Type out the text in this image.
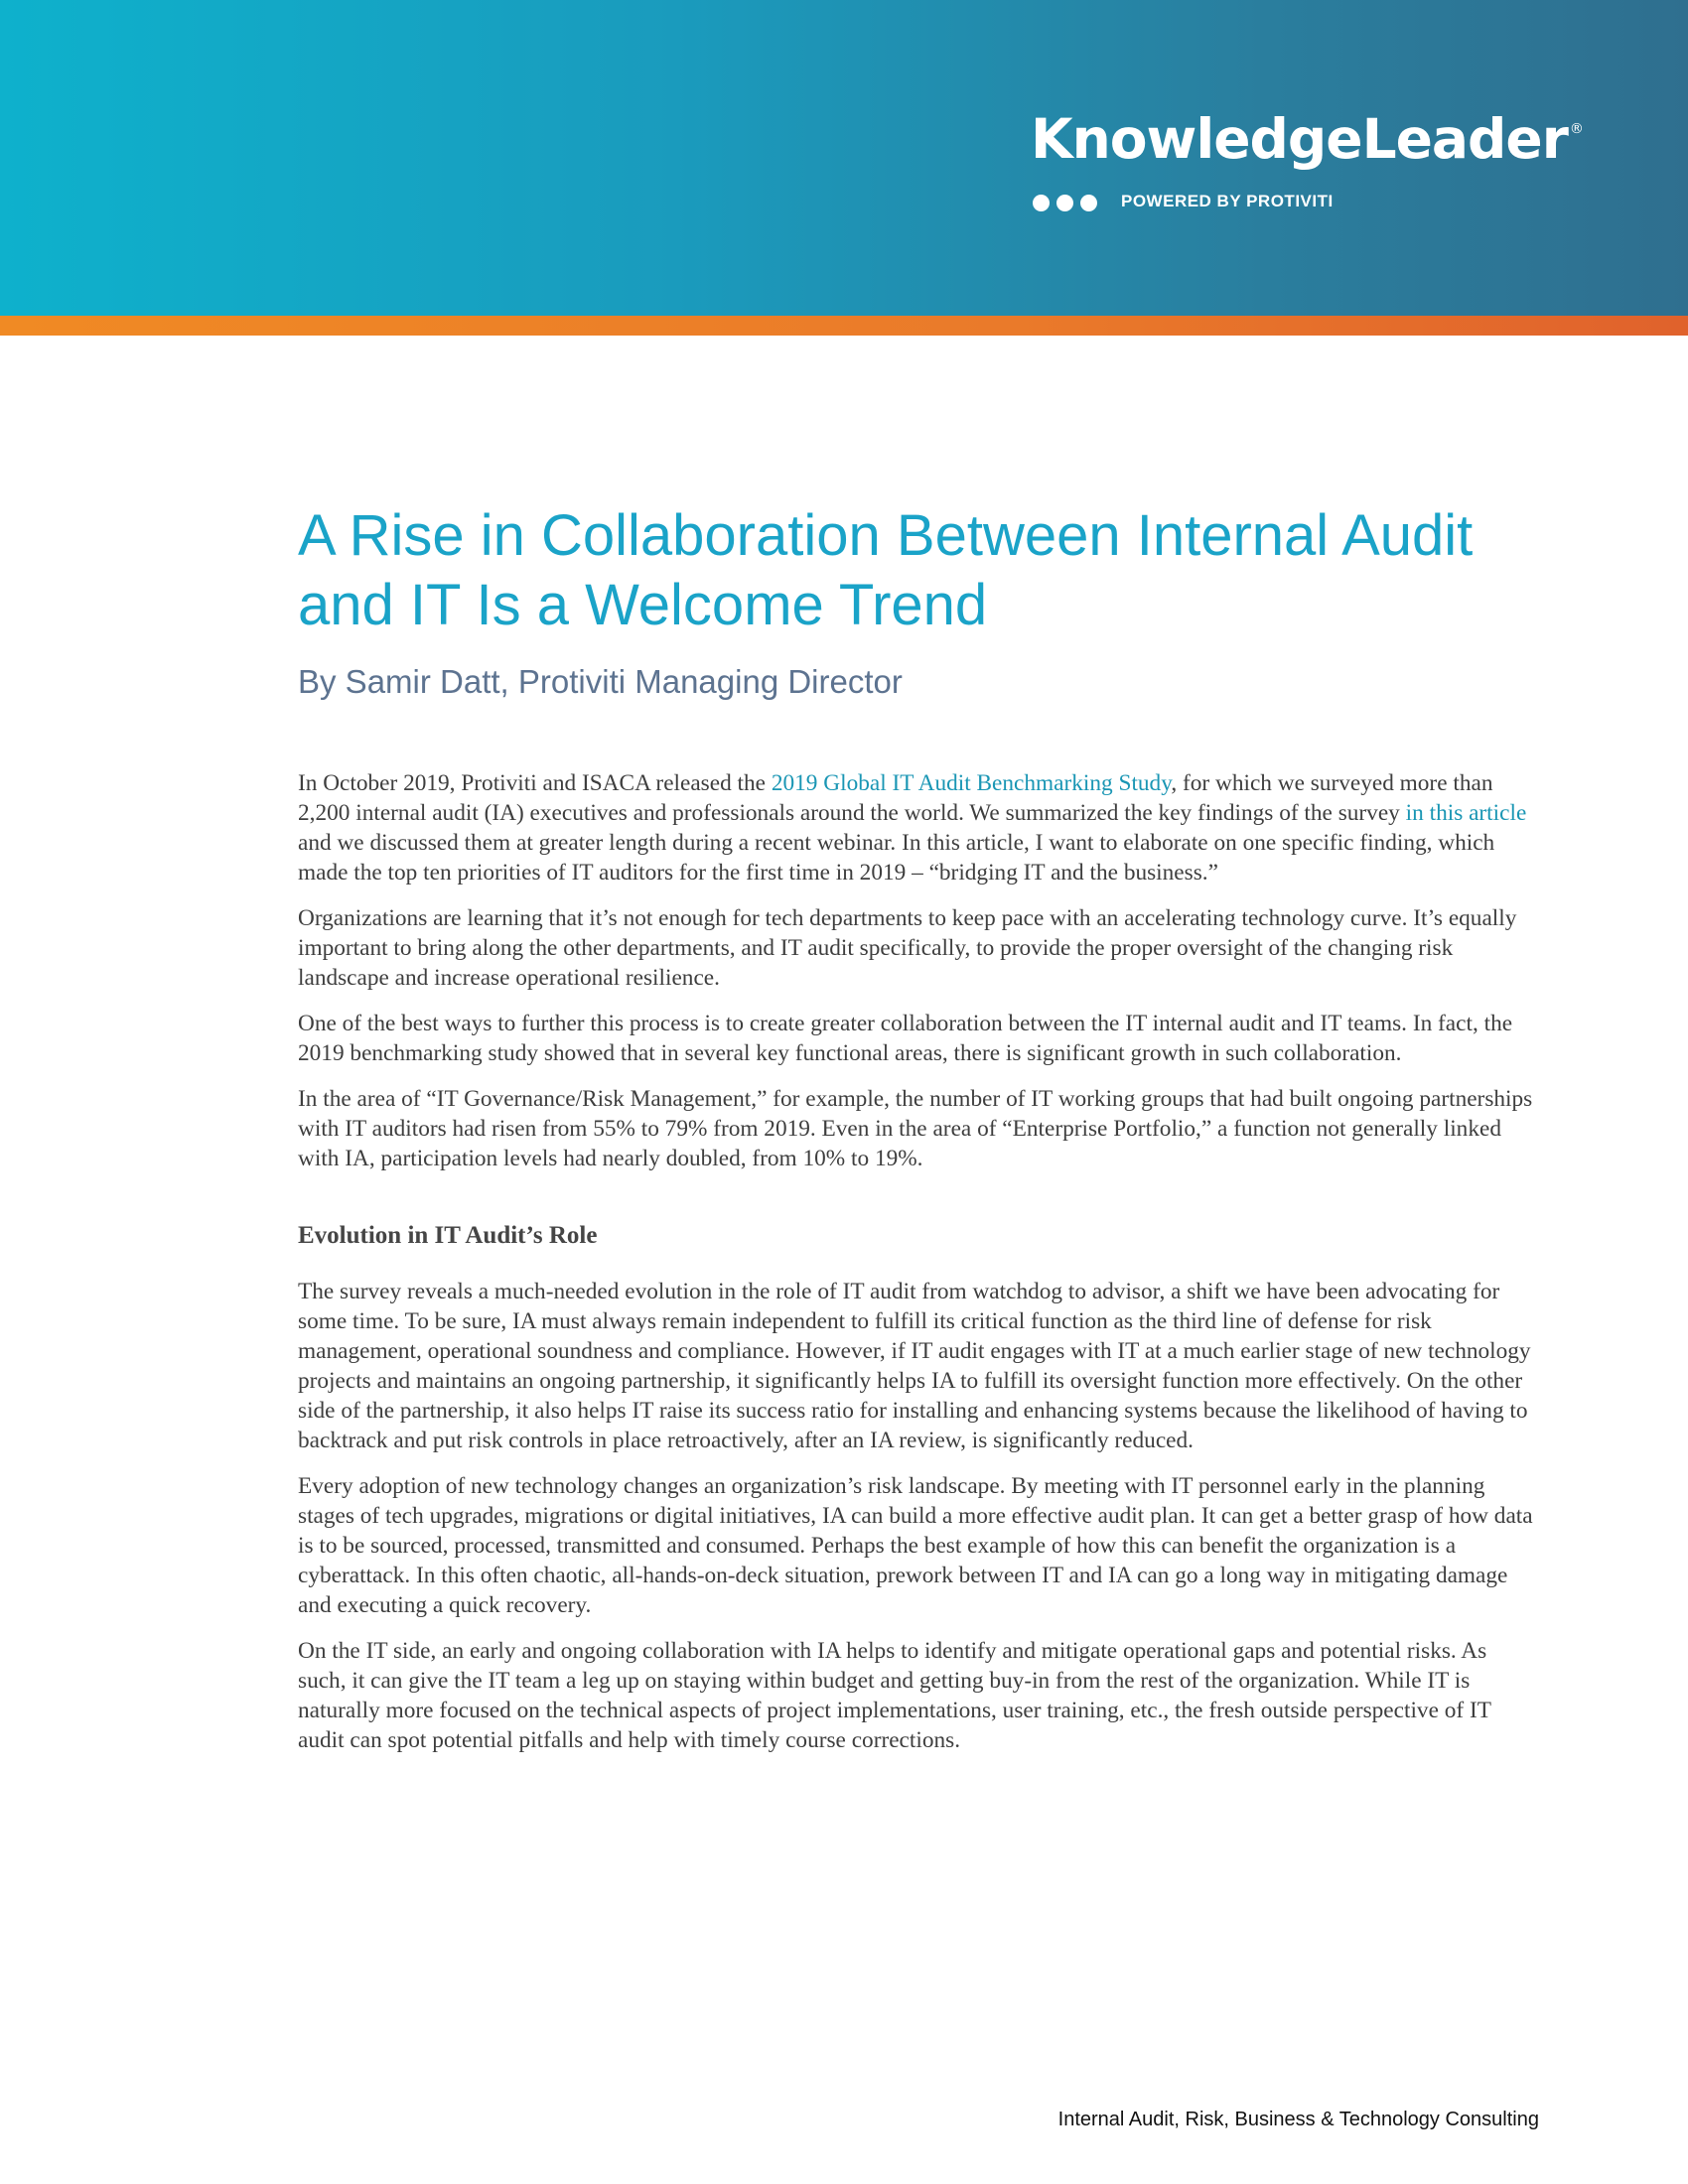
KnowledgeLeader ®
POWERED BY PROTIVITI
A Rise in Collaboration Between Internal Audit and IT Is a Welcome Trend
By Samir Datt, Protiviti Managing Director

In October 2019, Protiviti and ISACA released the 2019 Global IT Audit Benchmarking Study, for which we surveyed more than 2,200 internal audit (IA) executives and professionals around the world. We summarized the key findings of the survey in this article and we discussed them at greater length during a recent webinar. In this article, I want to elaborate on one specific finding, which made the top ten priorities of IT auditors for the first time in 2019 – “bridging IT and the business.”

Organizations are learning that it’s not enough for tech departments to keep pace with an accelerating technology curve. It’s equally important to bring along the other departments, and IT audit specifically, to provide the proper oversight of the changing risk landscape and increase operational resilience.

One of the best ways to further this process is to create greater collaboration between the IT internal audit and IT teams. In fact, the 2019 benchmarking study showed that in several key functional areas, there is significant growth in such collaboration.

In the area of “IT Governance/Risk Management,” for example, the number of IT working groups that had built ongoing partnerships with IT auditors had risen from 55% to 79% from 2019. Even in the area of “Enterprise Portfolio,” a function not generally linked with IA, participation levels had nearly doubled, from 10% to 19%.

Evolution in IT Audit’s Role

The survey reveals a much-needed evolution in the role of IT audit from watchdog to advisor, a shift we have been advocating for some time. To be sure, IA must always remain independent to fulfill its critical function as the third line of defense for risk management, operational soundness and compliance. However, if IT audit engages with IT at a much earlier stage of new technology projects and maintains an ongoing partnership, it significantly helps IA to fulfill its oversight function more effectively. On the other side of the partnership, it also helps IT raise its success ratio for installing and enhancing systems because the likelihood of having to backtrack and put risk controls in place retroactively, after an IA review, is significantly reduced.

Every adoption of new technology changes an organization’s risk landscape. By meeting with IT personnel early in the planning stages of tech upgrades, migrations or digital initiatives, IA can build a more effective audit plan. It can get a better grasp of how data is to be sourced, processed, transmitted and consumed. Perhaps the best example of how this can benefit the organization is a cyberattack. In this often chaotic, all-hands-on-deck situation, prework between IT and IA can go a long way in mitigating damage and executing a quick recovery.

On the IT side, an early and ongoing collaboration with IA helps to identify and mitigate operational gaps and potential risks. As such, it can give the IT team a leg up on staying within budget and getting buy-in from the rest of the organization. While IT is naturally more focused on the technical aspects of project implementations, user training, etc., the fresh outside perspective of IT audit can spot potential pitfalls and help with timely course corrections.

Internal Audit, Risk, Business & Technology Consulting
